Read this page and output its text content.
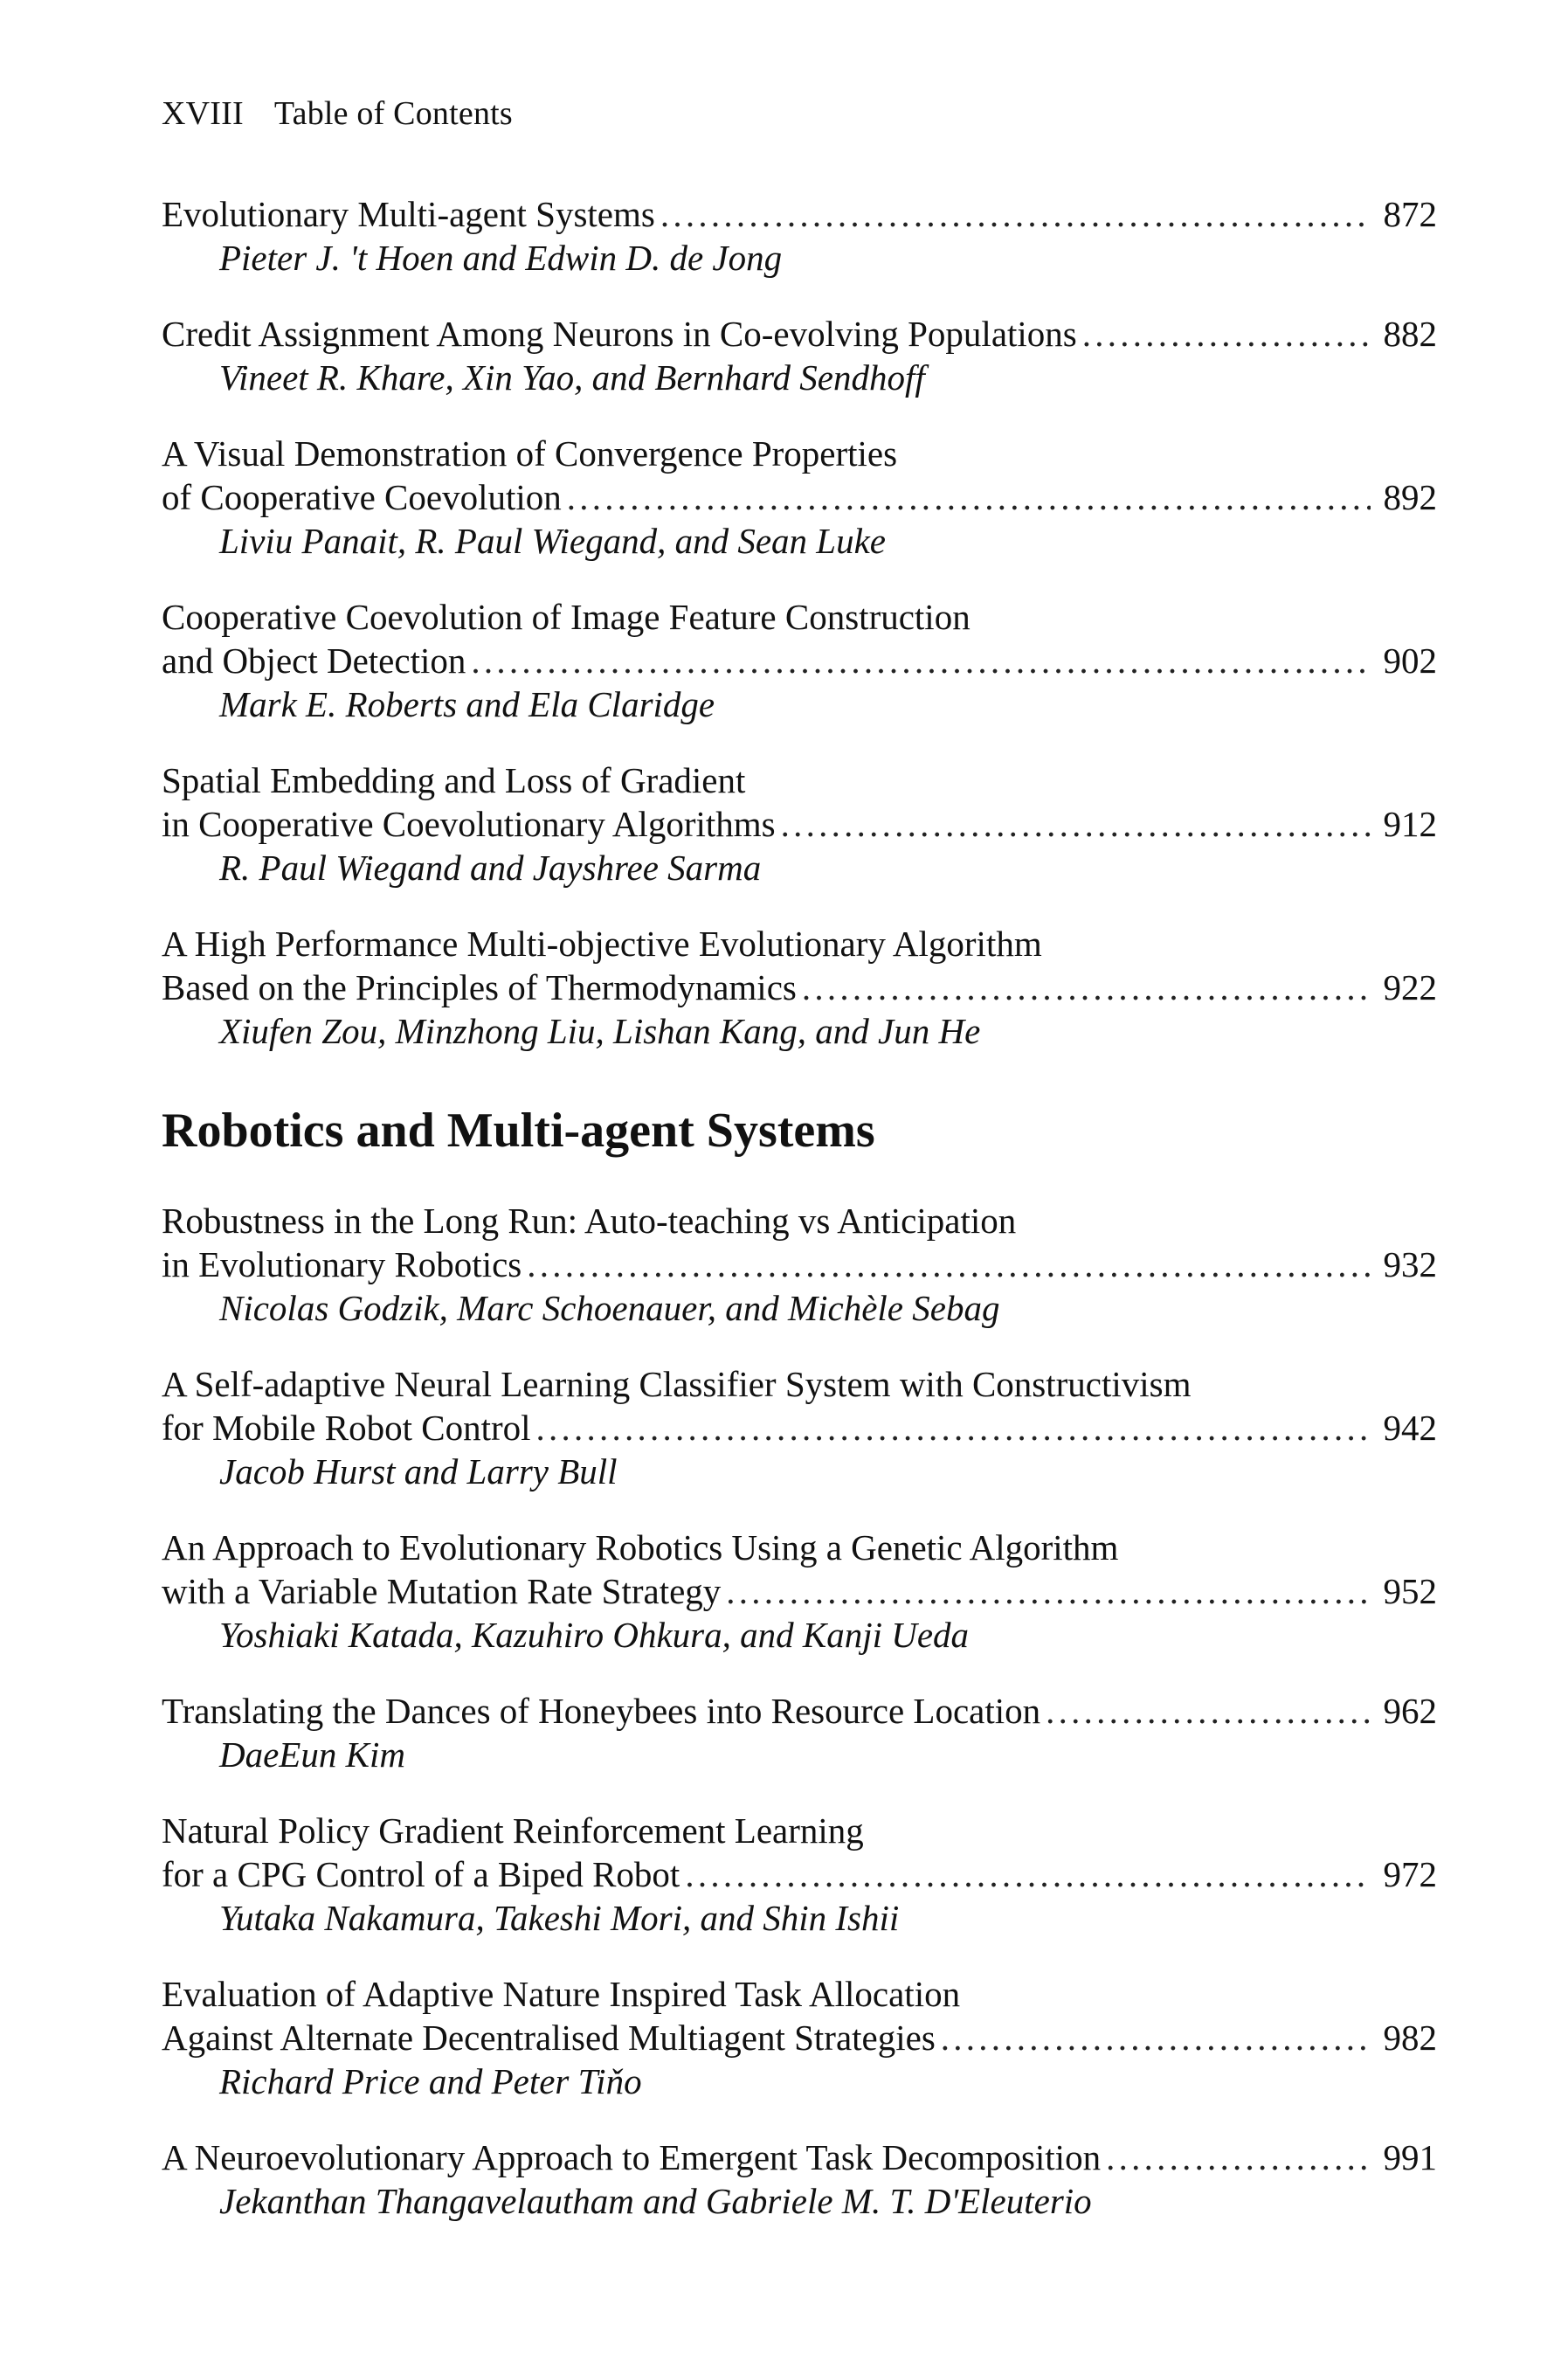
XVIII Table of Contents
Evolutionary Multi-agent Systems . . .	872
Pieter J. 't Hoen and Edwin D. de Jong
Credit Assignment Among Neurons in Co-evolving Populations . . .	882
Vineet R. Khare, Xin Yao, and Bernhard Sendhoff
A Visual Demonstration of Convergence Properties
of Cooperative Coevolution . . .	892
Liviu Panait, R. Paul Wiegand, and Sean Luke
Cooperative Coevolution of Image Feature Construction
and Object Detection . . .	902
Mark E. Roberts and Ela Claridge
Spatial Embedding and Loss of Gradient
in Cooperative Coevolutionary Algorithms . . .	912
R. Paul Wiegand and Jayshree Sarma
A High Performance Multi-objective Evolutionary Algorithm
Based on the Principles of Thermodynamics . . .	922
Xiufen Zou, Minzhong Liu, Lishan Kang, and Jun He
Robotics and Multi-agent Systems
Robustness in the Long Run: Auto-teaching vs Anticipation
in Evolutionary Robotics . . .	932
Nicolas Godzik, Marc Schoenauer, and Michèle Sebag
A Self-adaptive Neural Learning Classifier System with Constructivism
for Mobile Robot Control . . .	942
Jacob Hurst and Larry Bull
An Approach to Evolutionary Robotics Using a Genetic Algorithm
with a Variable Mutation Rate Strategy . . .	952
Yoshiaki Katada, Kazuhiro Ohkura, and Kanji Ueda
Translating the Dances of Honeybees into Resource Location . . .	962
DaeEun Kim
Natural Policy Gradient Reinforcement Learning
for a CPG Control of a Biped Robot . . .	972
Yutaka Nakamura, Takeshi Mori, and Shin Ishii
Evaluation of Adaptive Nature Inspired Task Allocation
Against Alternate Decentralised Multiagent Strategies . . .	982
Richard Price and Peter Tiňo
A Neuroevolutionary Approach to Emergent Task Decomposition . . .	991
Jekanthan Thangavelautham and Gabriele M. T. D'Eleuterio
